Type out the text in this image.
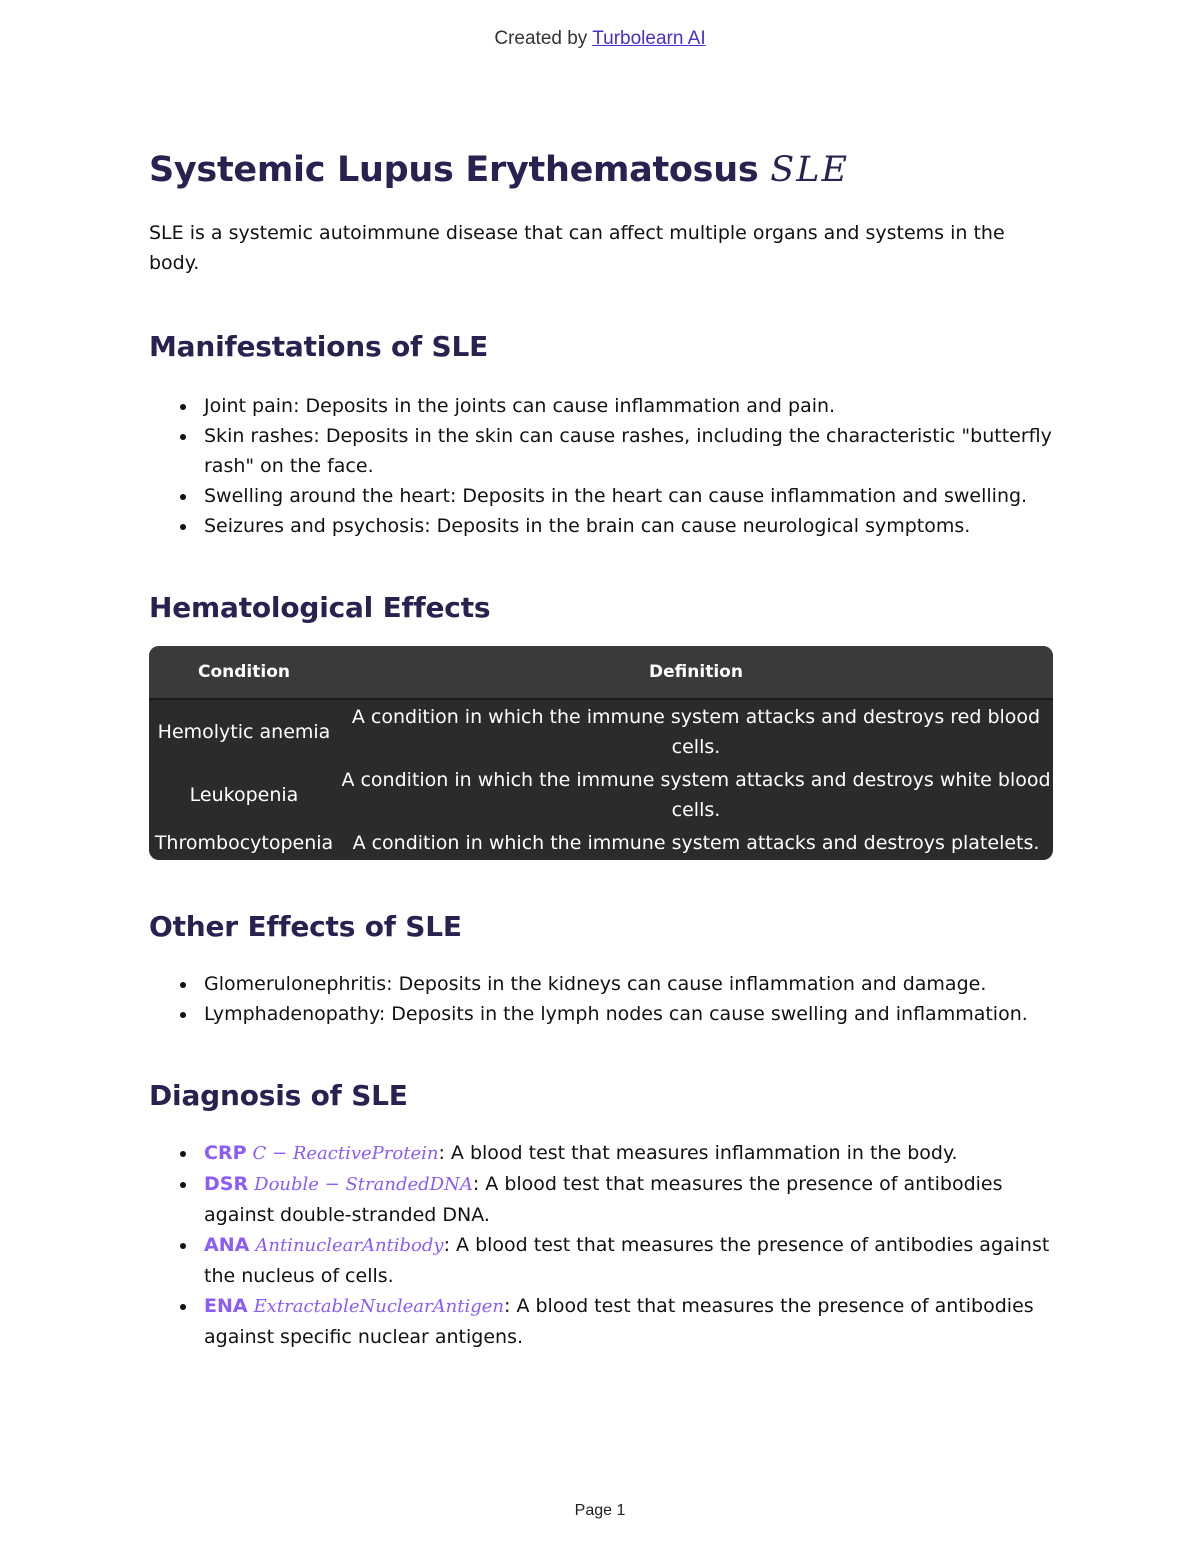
Created by Turbolearn AI
Systemic Lupus Erythematosus SLE

SLE is a systemic autoimmune disease that can affect multiple organs and systems in the body.

Manifestations of SLE
Joint pain: Deposits in the joints can cause inflammation and pain.
Skin rashes: Deposits in the skin can cause rashes, including the characteristic "butterfly rash" on the face.
Swelling around the heart: Deposits in the heart can cause inflammation and swelling.
Seizures and psychosis: Deposits in the brain can cause neurological symptoms.
Hematological Effects
Condition	Definition
Hemolytic anemia	A condition in which the immune system attacks and destroys red blood cells.
Leukopenia	A condition in which the immune system attacks and destroys white blood cells.
Thrombocytopenia	A condition in which the immune system attacks and destroys platelets.
Other Effects of SLE
Glomerulonephritis: Deposits in the kidneys can cause inflammation and damage.
Lymphadenopathy: Deposits in the lymph nodes can cause swelling and inflammation.
Diagnosis of SLE
CRP C − ReactiveProtein: A blood test that measures inflammation in the body.
DSR Double − StrandedDNA: A blood test that measures the presence of antibodies against double-stranded DNA.
ANA AntinuclearAntibody: A blood test that measures the presence of antibodies against the nucleus of cells.
ENA ExtractableNuclearAntigen: A blood test that measures the presence of antibodies against specific nuclear antigens.
Page 1
